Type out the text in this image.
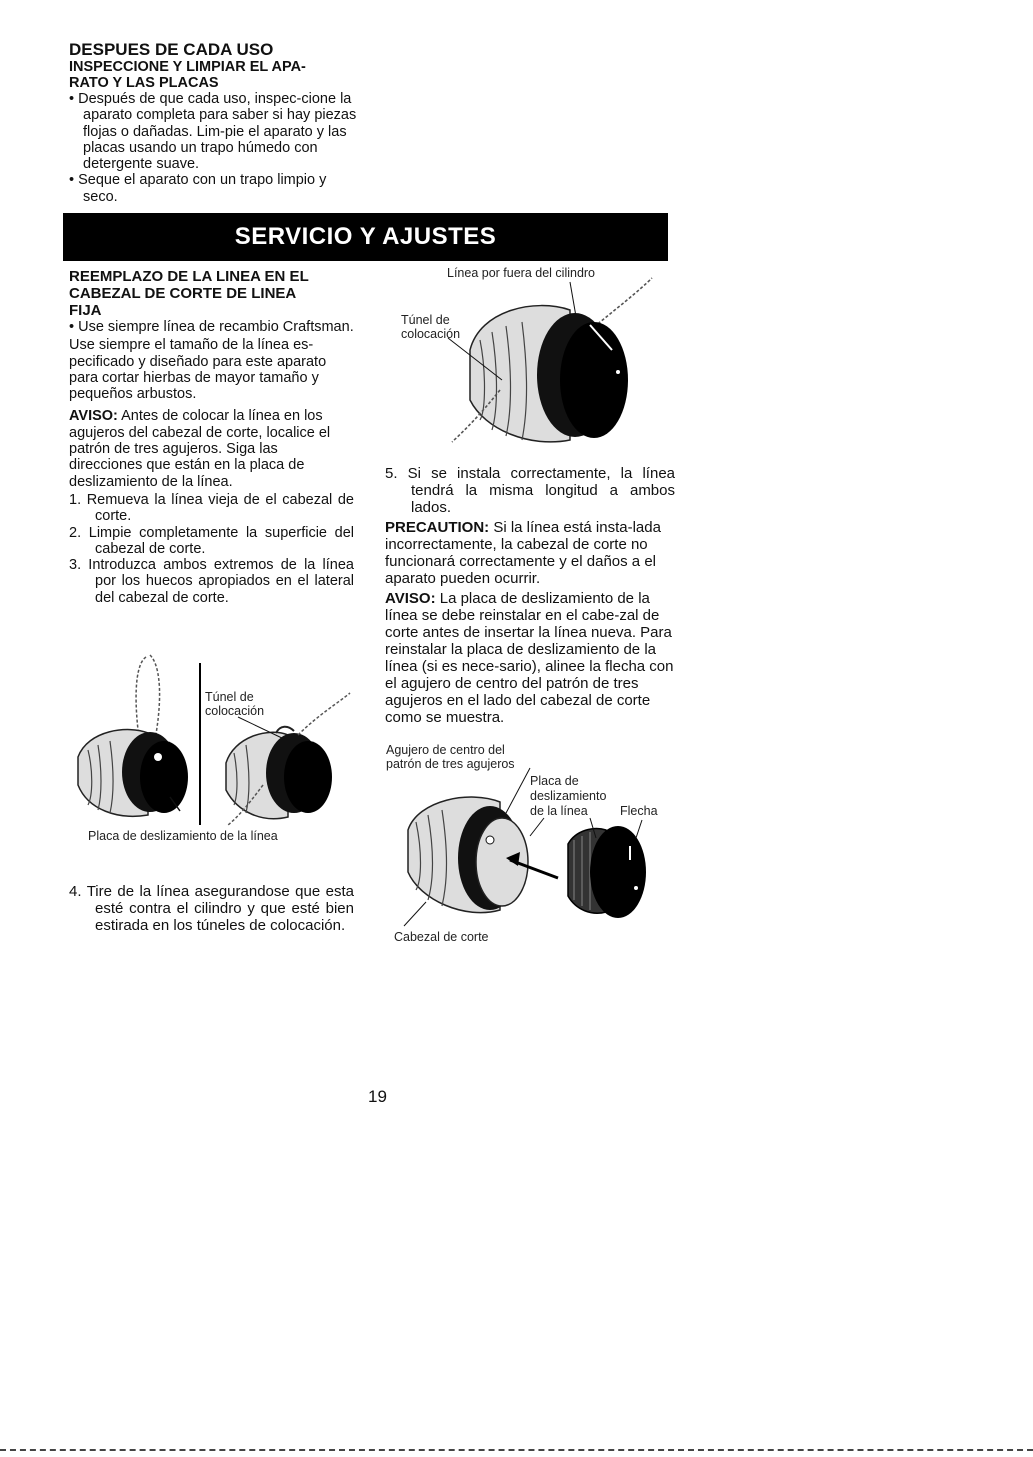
DESPUES DE CADA USO
INSPECCIONE Y LIMPIAR EL APA-
RATO Y LAS PLACAS

• Después de que cada uso, inspec-cione la aparato completa para saber si hay piezas flojas o dañadas. Lim-pie el aparato y las placas usando un trapo húmedo con detergente suave.

• Seque el aparato con un trapo limpio y seco.

SERVICIO Y AJUSTES
REEMPLAZO DE LA LINEA EN EL
CABEZAL DE CORTE DE LINEA
FIJA

• Use siempre línea de recambio Craftsman.

Use siempre el tamaño de la línea es-pecificado y diseñado para este aparato para cortar hierbas de mayor tamaño y pequeños arbustos.

AVISO: Antes de colocar la línea en los agujeros del cabezal de corte, localice el patrón de tres agujeros. Siga las direcciones que están en la placa de deslizamiento de la línea.

1. Remueva la línea vieja de el cabezal de corte.

2. Limpie completamente la superficie del cabezal de corte.

3. Introduzca ambos extremos de la línea por los huecos apropiados en el lateral del cabezal de corte.

Túnel de
colocación
Placa de deslizamiento de la línea

4. Tire de la línea asegurandose que esta esté contra el cilindro y que esté bien estirada en los túneles de colocación.

Línea por fuera del cilindro
Túnel de
colocación

5. Si se instala correctamente, la línea tendrá la misma longitud a ambos lados.

PRECAUTION: Si la línea está insta-lada incorrectamente, la cabezal de corte no funcionará correctamente y el daños a el aparato pueden ocurrir.

AVISO: La placa de deslizamiento de la línea se debe reinstalar en el cabe-zal de corte antes de insertar la línea nueva. Para reinstalar la placa de deslizamiento de la línea (si es nece-sario), alinee la flecha con el agujero de centro del patrón de tres agujeros en el lado del cabezal de corte como se muestra.

Agujero de centro del
patrón de tres agujeros
Placa de
deslizamiento
de la línea	Flecha
Cabezal de corte
19
